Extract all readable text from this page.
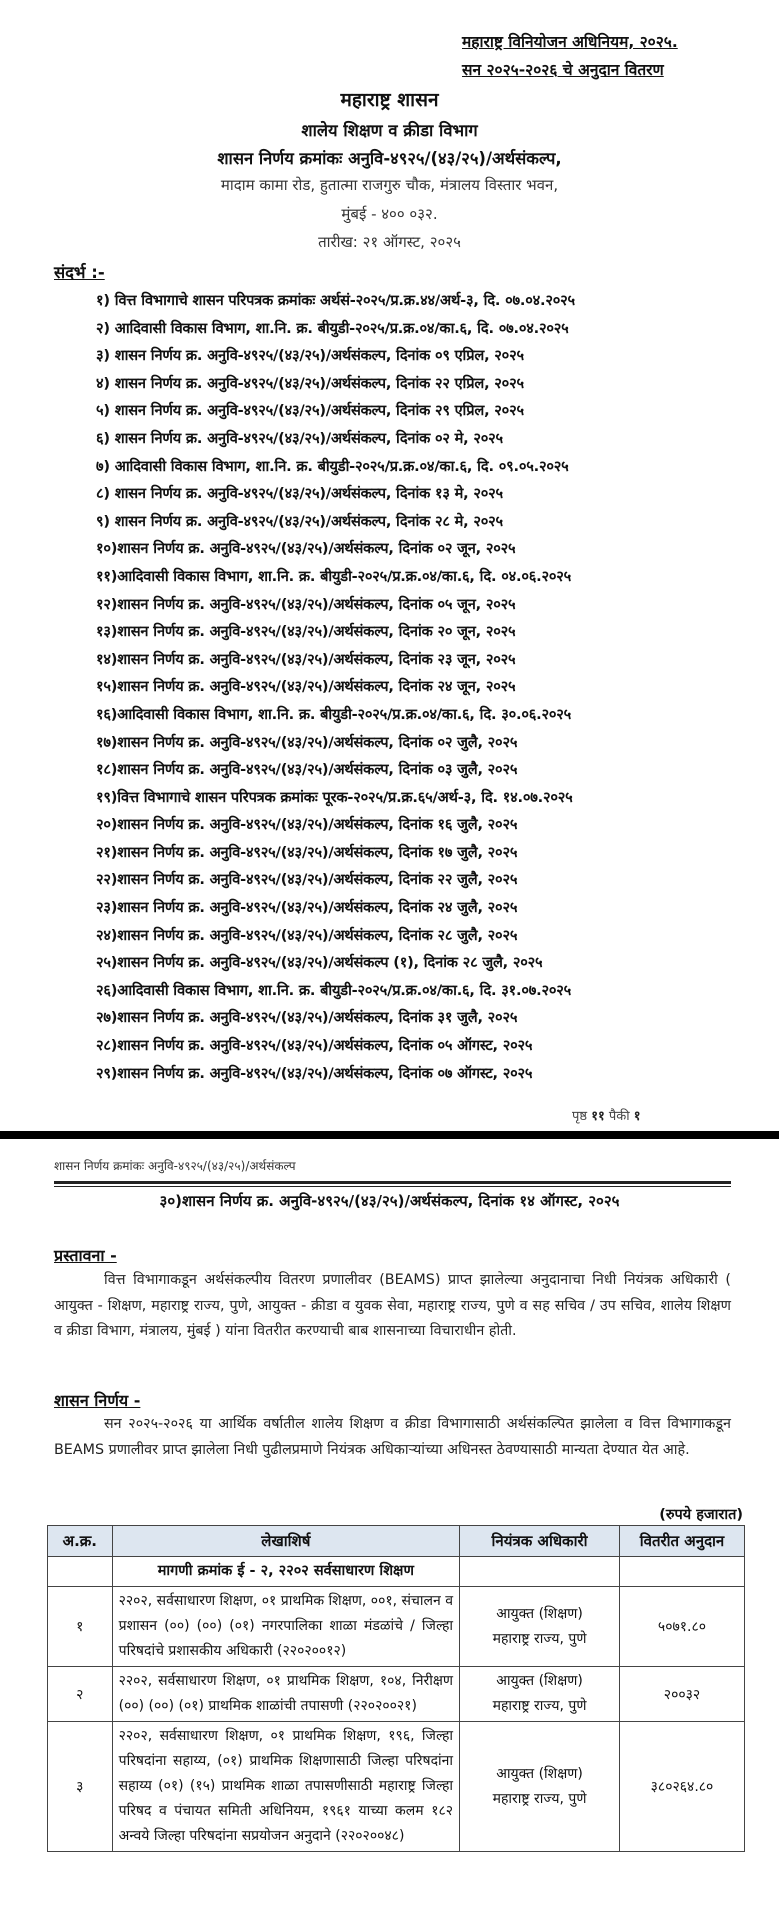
महाराष्ट्र विनियोजन अधिनियम, २०२५.
सन २०२५-२०२६ चे अनुदान वितरण
महाराष्ट्र शासन
शालेय शिक्षण व क्रीडा विभाग
शासन निर्णय क्रमांकः अनुवि-४९२५/(४३/२५)/अर्थसंकल्प,
मादाम कामा रोड, हुतात्मा राजगुरु चौक, मंत्रालय विस्तार भवन,
मुंबई - ४०० ०३२.
तारीख: २१ ऑगस्ट, २०२५
संदर्भ :-
१) वित्त विभागाचे शासन परिपत्रक क्रमांकः अर्थसं-२०२५/प्र.क्र.४४/अर्थ-३, दि. ०७.०४.२०२५
२) आदिवासी विकास विभाग, शा.नि. क्र. बीयुडी-२०२५/प्र.क्र.०४/का.६, दि. ०७.०४.२०२५
३) शासन निर्णय क्र. अनुवि-४९२५/(४३/२५)/अर्थसंकल्प, दिनांक ०९ एप्रिल, २०२५
४) शासन निर्णय क्र. अनुवि-४९२५/(४३/२५)/अर्थसंकल्प, दिनांक २२ एप्रिल, २०२५
५) शासन निर्णय क्र. अनुवि-४९२५/(४३/२५)/अर्थसंकल्प, दिनांक २९ एप्रिल, २०२५
६) शासन निर्णय क्र. अनुवि-४९२५/(४३/२५)/अर्थसंकल्प, दिनांक ०२ मे, २०२५
७) आदिवासी विकास विभाग, शा.नि. क्र. बीयुडी-२०२५/प्र.क्र.०४/का.६, दि. ०९.०५.२०२५
८) शासन निर्णय क्र. अनुवि-४९२५/(४३/२५)/अर्थसंकल्प, दिनांक १३ मे, २०२५
९) शासन निर्णय क्र. अनुवि-४९२५/(४३/२५)/अर्थसंकल्प, दिनांक २८ मे, २०२५
१०)शासन निर्णय क्र. अनुवि-४९२५/(४३/२५)/अर्थसंकल्प, दिनांक ०२ जून, २०२५
११)आदिवासी विकास विभाग, शा.नि. क्र. बीयुडी-२०२५/प्र.क्र.०४/का.६, दि. ०४.०६.२०२५
१२)शासन निर्णय क्र. अनुवि-४९२५/(४३/२५)/अर्थसंकल्प, दिनांक ०५ जून, २०२५
१३)शासन निर्णय क्र. अनुवि-४९२५/(४३/२५)/अर्थसंकल्प, दिनांक २० जून, २०२५
१४)शासन निर्णय क्र. अनुवि-४९२५/(४३/२५)/अर्थसंकल्प, दिनांक २३ जून, २०२५
१५)शासन निर्णय क्र. अनुवि-४९२५/(४३/२५)/अर्थसंकल्प, दिनांक २४ जून, २०२५
१६)आदिवासी विकास विभाग, शा.नि. क्र. बीयुडी-२०२५/प्र.क्र.०४/का.६, दि. ३०.०६.२०२५
१७)शासन निर्णय क्र. अनुवि-४९२५/(४३/२५)/अर्थसंकल्प, दिनांक ०२ जुलै, २०२५
१८)शासन निर्णय क्र. अनुवि-४९२५/(४३/२५)/अर्थसंकल्प, दिनांक ०३ जुलै, २०२५
१९)वित्त विभागाचे शासन परिपत्रक क्रमांकः पूरक-२०२५/प्र.क्र.६५/अर्थ-३, दि. १४.०७.२०२५
२०)शासन निर्णय क्र. अनुवि-४९२५/(४३/२५)/अर्थसंकल्प, दिनांक १६ जुलै, २०२५
२१)शासन निर्णय क्र. अनुवि-४९२५/(४३/२५)/अर्थसंकल्प, दिनांक १७ जुलै, २०२५
२२)शासन निर्णय क्र. अनुवि-४९२५/(४३/२५)/अर्थसंकल्प, दिनांक २२ जुलै, २०२५
२३)शासन निर्णय क्र. अनुवि-४९२५/(४३/२५)/अर्थसंकल्प, दिनांक २४ जुलै, २०२५
२४)शासन निर्णय क्र. अनुवि-४९२५/(४३/२५)/अर्थसंकल्प, दिनांक २८ जुलै, २०२५
२५)शासन निर्णय क्र. अनुवि-४९२५/(४३/२५)/अर्थसंकल्प (१), दिनांक २८ जुलै, २०२५
२६)आदिवासी विकास विभाग, शा.नि. क्र. बीयुडी-२०२५/प्र.क्र.०४/का.६, दि. ३१.०७.२०२५
२७)शासन निर्णय क्र. अनुवि-४९२५/(४३/२५)/अर्थसंकल्प, दिनांक ३१ जुलै, २०२५
२८)शासन निर्णय क्र. अनुवि-४९२५/(४३/२५)/अर्थसंकल्प, दिनांक ०५ ऑगस्ट, २०२५
२९)शासन निर्णय क्र. अनुवि-४९२५/(४३/२५)/अर्थसंकल्प, दिनांक ०७ ऑगस्ट, २०२५
पृष्ठ ११ पैकी १
शासन निर्णय क्रमांकः अनुवि-४९२५/(४३/२५)/अर्थसंकल्प
३०)शासन निर्णय क्र. अनुवि-४९२५/(४३/२५)/अर्थसंकल्प, दिनांक १४ ऑगस्ट, २०२५
प्रस्तावना -
वित्त विभागाकडून अर्थसंकल्पीय वितरण प्रणालीवर (BEAMS) प्राप्त झालेल्या अनुदानाचा निधी नियंत्रक अधिकारी ( आयुक्त - शिक्षण, महाराष्ट्र राज्य, पुणे, आयुक्त - क्रीडा व युवक सेवा, महाराष्ट्र राज्य, पुणे व सह सचिव / उप सचिव, शालेय शिक्षण व क्रीडा विभाग, मंत्रालय, मुंबई ) यांना वितरीत करण्याची बाब शासनाच्या विचाराधीन होती.
शासन निर्णय -
सन २०२५-२०२६ या आर्थिक वर्षातील शालेय शिक्षण व क्रीडा विभागासाठी अर्थसंकल्पित झालेला व वित्त विभागाकडून BEAMS प्रणालीवर प्राप्त झालेला निधी पुढीलप्रमाणे नियंत्रक अधिकाऱ्यांच्या अधिनस्त ठेवण्यासाठी मान्यता देण्यात येत आहे.
(रुपये हजारात)
अ.क्र.	लेखाशिर्ष	नियंत्रक अधिकारी	वितरीत अनुदान
	मागणी क्रमांक ई - २, २२०२ सर्वसाधारण शिक्षण		
१	२२०२, सर्वसाधारण शिक्षण, ०१ प्राथमिक शिक्षण, ००१, संचालन व प्रशासन (००) (००) (०१) नगरपालिका शाळा मंडळांचे / जिल्हा परिषदांचे प्रशासकीय अधिकारी (२२०२००१२)	आयुक्त (शिक्षण)
महाराष्ट्र राज्य, पुणे	५०७१.८०
२	२२०२, सर्वसाधारण शिक्षण, ०१ प्राथमिक शिक्षण, १०४, निरीक्षण (००) (००) (०१) प्राथमिक शाळांची तपासणी (२२०२००२१)	आयुक्त (शिक्षण)
महाराष्ट्र राज्य, पुणे	२००३२
३	२२०२, सर्वसाधारण शिक्षण, ०१ प्राथमिक शिक्षण, १९६, जिल्हा परिषदांना सहाय्य, (०१) प्राथमिक शिक्षणासाठी जिल्हा परिषदांना सहाय्य (०१) (१५) प्राथमिक शाळा तपासणीसाठी महाराष्ट्र जिल्हा परिषद व पंचायत समिती अधिनियम, १९६१ याच्या कलम १८२ अन्वये जिल्हा परिषदांना सप्रयोजन अनुदाने (२२०२००४८)	आयुक्त (शिक्षण)
महाराष्ट्र राज्य, पुणे	३८०२६४.८०
